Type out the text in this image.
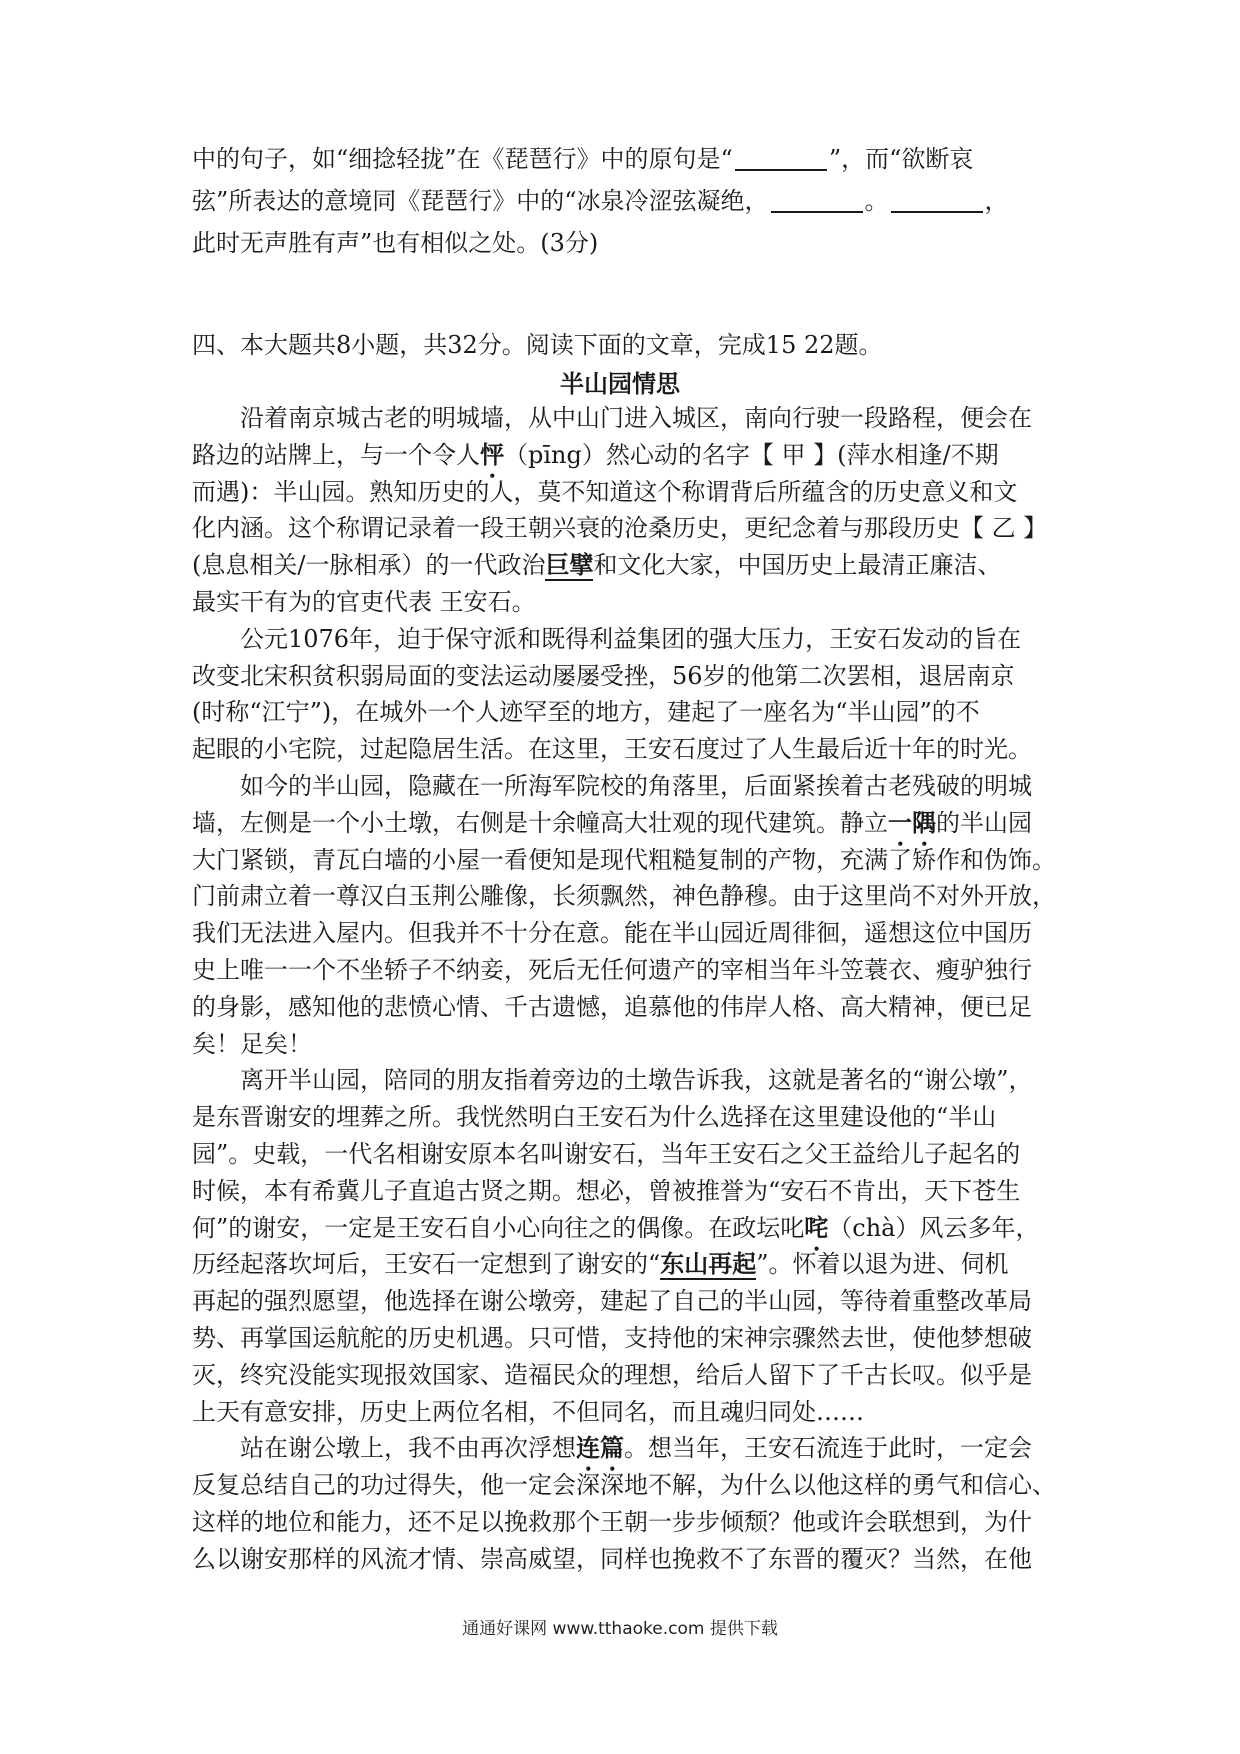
中的句子，如“细捻轻拢”在《琵琶行》中的原句是“	”，而“欲断哀
弦”所表达的意境同《琵琶行》中的“冰泉冷涩弦凝绝，	。	，
此时无声胜有声”也有相似之处。(3分)
四、本大题共8小题，共32分。阅读下面的文章，完成15 22题。
半山园情思
沿着南京城古老的明城墙，从中山门进入城区，南向行驶一段路程，便会在
路边的站牌上，与一个令人怦（pīng）然心动的名字【 甲 】(萍水相逢/不期
而遇)：半山园。熟知历史的人，莫不知道这个称谓背后所蕴含的历史意义和文
化内涵。这个称谓记录着一段王朝兴衰的沧桑历史，更纪念着与那段历史【 乙 】
(息息相关/一脉相承）的一代政治巨擘和文化大家，中国历史上最清正廉洁、
最实干有为的官吏代表 王安石。
公元1076年，迫于保守派和既得利益集团的强大压力，王安石发动的旨在
改变北宋积贫积弱局面的变法运动屡屡受挫，56岁的他第二次罢相，退居南京
(时称“江宁”)，在城外一个人迹罕至的地方，建起了一座名为“半山园”的不
起眼的小宅院，过起隐居生活。在这里，王安石度过了人生最后近十年的时光。
如今的半山园，隐藏在一所海军院校的角落里，后面紧挨着古老残破的明城
墙，左侧是一个小土墩，右侧是十余幢高大壮观的现代建筑。静立一隅的半山园
大门紧锁，青瓦白墙的小屋一看便知是现代粗糙复制的产物，充满了矫作和伪饰。
门前肃立着一尊汉白玉荆公雕像，长须飘然，神色静穆。由于这里尚不对外开放，
我们无法进入屋内。但我并不十分在意。能在半山园近周徘徊，遥想这位中国历
史上唯一一个不坐轿子不纳妾，死后无任何遗产的宰相当年斗笠蓑衣、瘦驴独行
的身影，感知他的悲愤心情、千古遗憾，追慕他的伟岸人格、高大精神，便已足
矣！足矣！
离开半山园，陪同的朋友指着旁边的土墩告诉我，这就是著名的“谢公墩”，
是东晋谢安的埋葬之所。我恍然明白王安石为什么选择在这里建设他的“半山
园”。史载，一代名相谢安原本名叫谢安石，当年王安石之父王益给儿子起名的
时候，本有希冀儿子直追古贤之期。想必，曾被推誉为“安石不肯出，天下苍生
何”的谢安，一定是王安石自小心向往之的偶像。在政坛叱咤（chà）风云多年，
历经起落坎坷后，王安石一定想到了谢安的“东山再起”。怀着以退为进、伺机
再起的强烈愿望，他选择在谢公墩旁，建起了自己的半山园，等待着重整改革局
势、再掌国运航舵的历史机遇。只可惜，支持他的宋神宗骤然去世，使他梦想破
灭，终究没能实现报效国家、造福民众的理想，给后人留下了千古长叹。似乎是
上天有意安排，历史上两位名相，不但同名，而且魂归同处……
站在谢公墩上，我不由再次浮想连篇。想当年，王安石流连于此时，一定会
反复总结自己的功过得失，他一定会深深地不解，为什么以他这样的勇气和信心、
这样的地位和能力，还不足以挽救那个王朝一步步倾颓？他或许会联想到，为什
么以谢安那样的风流才情、崇高威望，同样也挽救不了东晋的覆灭？当然，在他
通通好课网 www.tthaoke.com 提供下载
